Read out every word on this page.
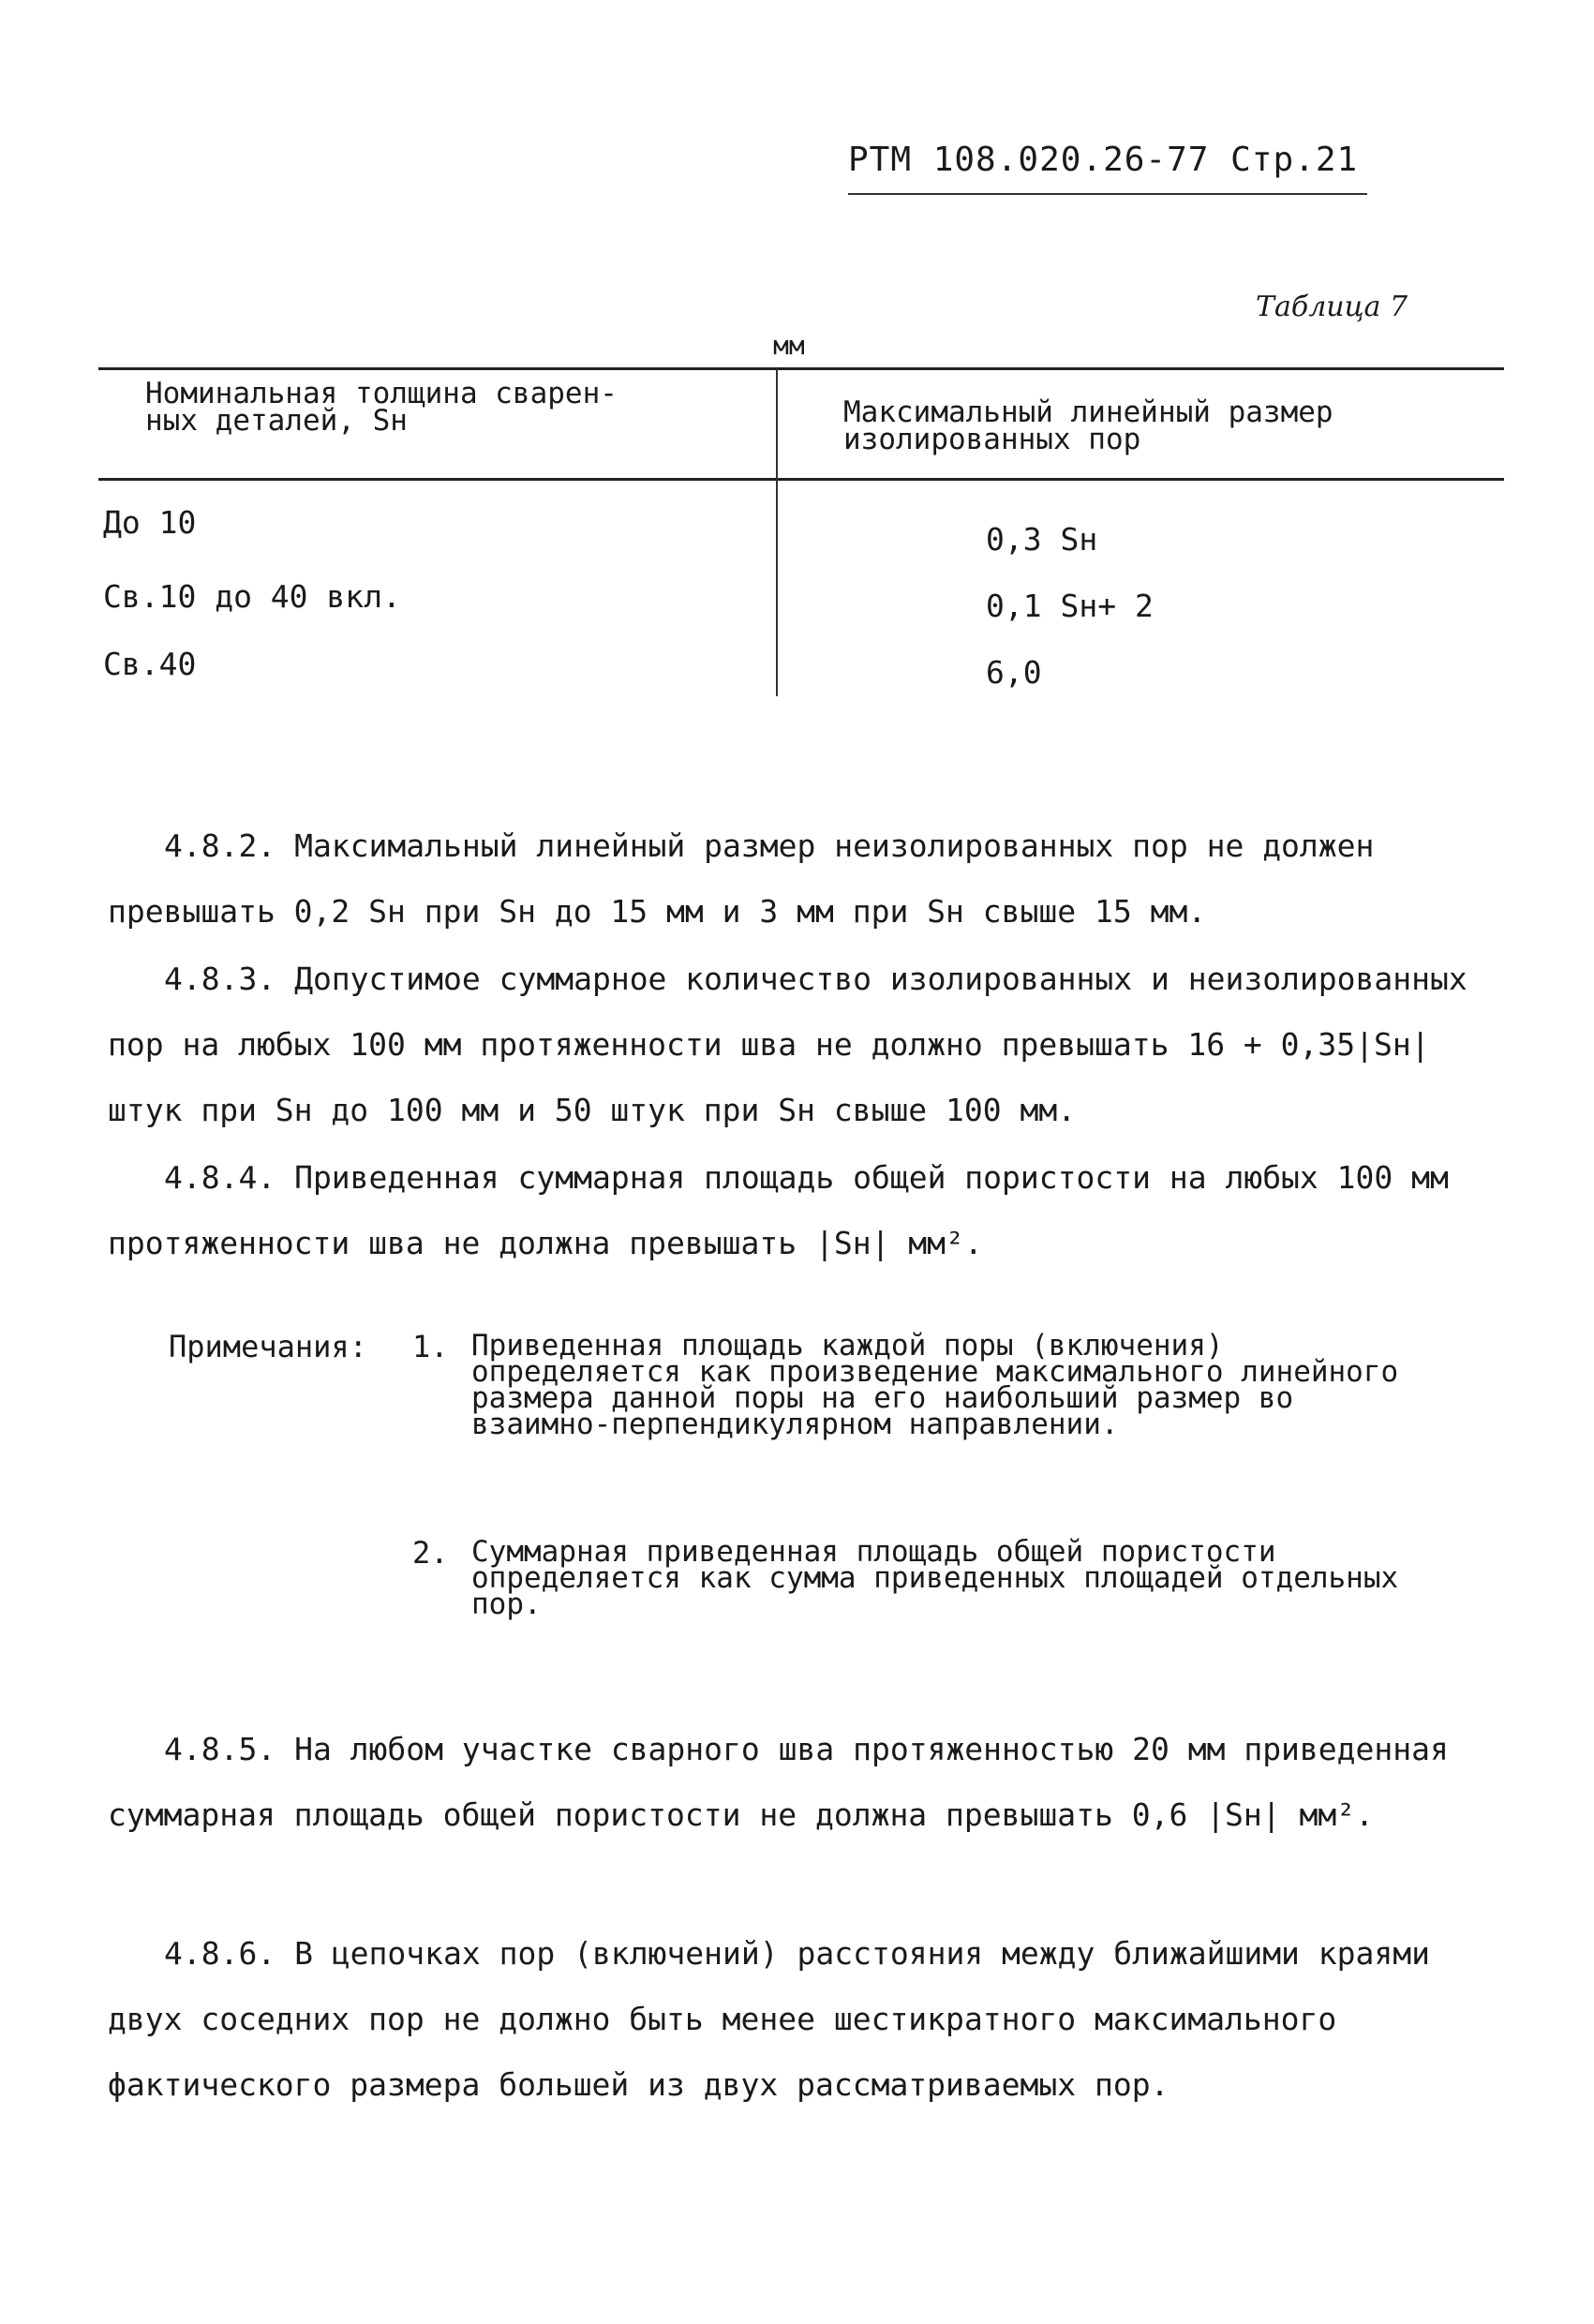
РТМ 108.020.26-77 Стр.21
Таблица 7
мм
Номинальная толщина сварен-
ных деталей, Sн	Максимальный линейный размер
изолированных пор
До 10	0,3 Sн
Св.10 до 40 вкл.	0,1 Sн+ 2
Св.40	6,0
4.8.2. Максимальный линейный размер неизолированных пор не должен превышать 0,2 Sн при Sн до 15 мм и 3 мм при Sн свыше 15 мм.
4.8.3. Допустимое суммарное количество изолированных и неизолированных пор на любых 100 мм протяженности шва не должно превышать 16 + 0,35|Sн|штук при Sн до 100 мм и 50 штук при Sн свыше 100 мм.
4.8.4. Приведенная суммарная площадь общей пористости на любых 100 мм протяженности шва не должна превышать |Sн| мм².
Примечания: 1. Приведенная площадь каждой поры (включения) определяется как произведение максимального линейного размера данной поры на его наибольший размер во взаимно-перпендикулярном направлении.
2. Суммарная приведенная площадь общей пористости определяется как сумма приведенных площадей отдельных пор.
4.8.5. На любом участке сварного шва протяженностью 20 мм приведенная суммарная площадь общей пористости не должна превышать 0,6 |Sн| мм².
4.8.6. В цепочках пор (включений) расстояния между ближайшими краями двух соседних пор не должно быть менее шестикратного максимального фактического размера большей из двух рассматриваемых пор.
